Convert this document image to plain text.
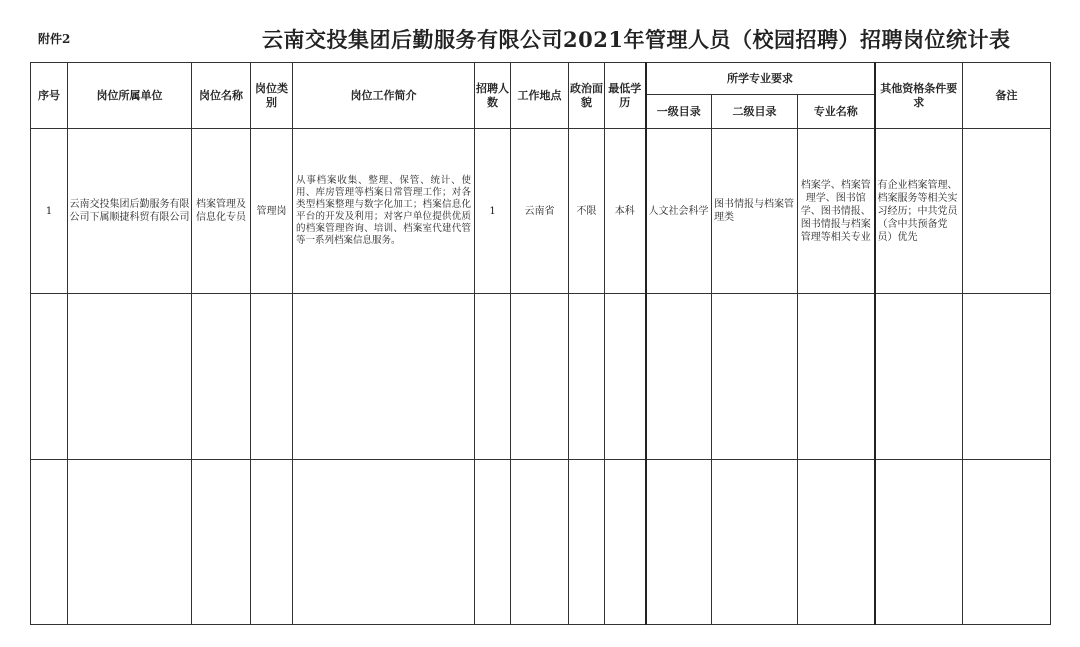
附件2	云南交投集团后勤服务有限公司2021年管理人员（校园招聘）招聘岗位统计表
序号	岗位所属单位	岗位名称	岗位类别	岗位工作简介	招聘人数	工作地点	政治面貌	最低学历	所学专业要求			其他资格条件要求	备注
									一级目录	二级目录	专业名称		
1	云南交投集团后勤服务有限公司下属顺捷科贸有限公司	档案管理及信息化专员	管理岗	从事档案收集、整理、保管、统计、使用、库房管理等档案日常管理工作；对各类型档案整理与数字化加工；档案信息化平台的开发及利用；对客户单位提供优质的档案管理咨询、培训、档案室代建代管等一系列档案信息服务。	1	云南省	不限	本科	人文社会科学	图书情报与档案管理类	档案学、档案管理学、图书馆学、图书情报、图书情报与档案管理等相关专业	有企业档案管理、档案服务等相关实习经历；中共党员（含中共预备党员）优先	
